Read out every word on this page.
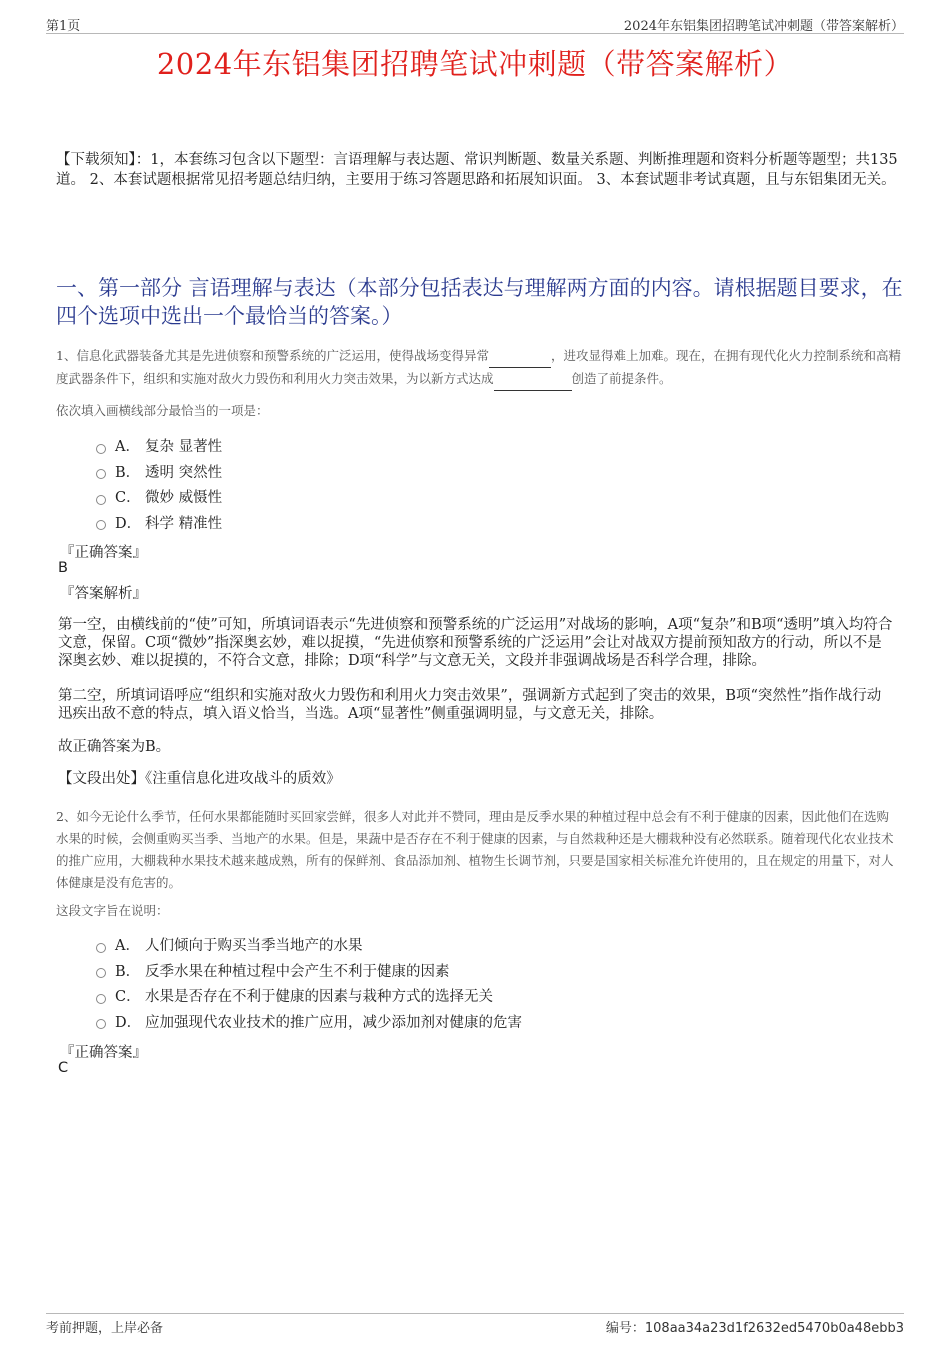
第1页	2024年东铝集团招聘笔试冲刺题（带答案解析）
2024年东铝集团招聘笔试冲刺题（带答案解析）
【下载须知】：1，本套练习包含以下题型：言语理解与表达题、常识判断题、数量关系题、判断推理题和资料分析题等题型；共135道。 2、本套试题根据常见招考题总结归纳，主要用于练习答题思路和拓展知识面。 3、本套试题非考试真题，且与东铝集团无关。
一、第一部分 言语理解与表达（本部分包括表达与理解两方面的内容。请根据题目要求，在四个选项中选出一个最恰当的答案。）
1、信息化武器装备尤其是先进侦察和预警系统的广泛运用，使得战场变得异常	，进攻显得难上加难。现在，在拥有现代化火力控制系统和高精度武器条件下，组织和实施对敌火力毁伤和利用火力突击效果，为以新方式达成	创造了前提条件。
依次填入画横线部分最恰当的一项是：
A． 复杂 显著性
B． 透明 突然性
C． 微妙 威慑性
D． 科学 精准性
『正确答案』
B
『答案解析』
第一空，由横线前的“使”可知，所填词语表示“先进侦察和预警系统的广泛运用”对战场的影响，A项“复杂”和B项“透明”填入均符合文意，保留。C项“微妙”指深奥玄妙，难以捉摸，“先进侦察和预警系统的广泛运用”会让对战双方提前预知敌方的行动，所以不是深奥玄妙、难以捉摸的，不符合文意，排除；D项“科学”与文意无关，文段并非强调战场是否科学合理，排除。
第二空，所填词语呼应“组织和实施对敌火力毁伤和利用火力突击效果”，强调新方式起到了突击的效果，B项“突然性”指作战行动迅疾出敌不意的特点，填入语义恰当，当选。A项“显著性”侧重强调明显，与文意无关，排除。
故正确答案为B。
【文段出处】《注重信息化进攻战斗的质效》
2、如今无论什么季节，任何水果都能随时买回家尝鲜，很多人对此并不赞同，理由是反季水果的种植过程中总会有不利于健康的因素，因此他们在选购水果的时候，会侧重购买当季、当地产的水果。但是，果蔬中是否存在不利于健康的因素，与自然栽种还是大棚栽种没有必然联系。随着现代化农业技术的推广应用，大棚栽种水果技术越来越成熟，所有的保鲜剂、食品添加剂、植物生长调节剂，只要是国家相关标准允许使用的，且在规定的用量下，对人体健康是没有危害的。
这段文字旨在说明：
A． 人们倾向于购买当季当地产的水果
B． 反季水果在种植过程中会产生不利于健康的因素
C． 水果是否存在不利于健康的因素与栽种方式的选择无关
D． 应加强现代农业技术的推广应用，减少添加剂对健康的危害
『正确答案』
C
考前押题，上岸必备	编号：108aa34a23d1f2632ed5470b0a48ebb3
